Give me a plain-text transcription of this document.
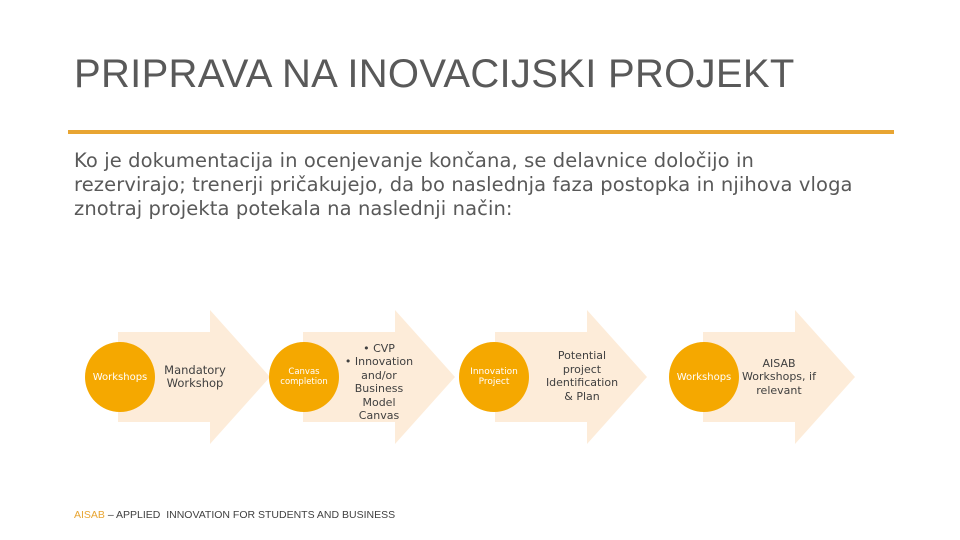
PRIPRAVA NA INOVACIJSKI PROJEKT
Ko je dokumentacija in ocenjevanje končana, se delavnice določijo in rezervirajo; trenerji pričakujejo, da bo naslednja faza postopka in njihova vloga znotraj projekta potekala na naslednji način:
Workshops
Mandatory Workshop
Canvas completion
• CVP
• Innovation
and/or
Business
Model
Canvas
Innovation Project
Potential project Identification & Plan
Workshops
AISAB Workshops, if relevant
AISAB – APPLIED  INNOVATION FOR STUDENTS AND BUSINESS
